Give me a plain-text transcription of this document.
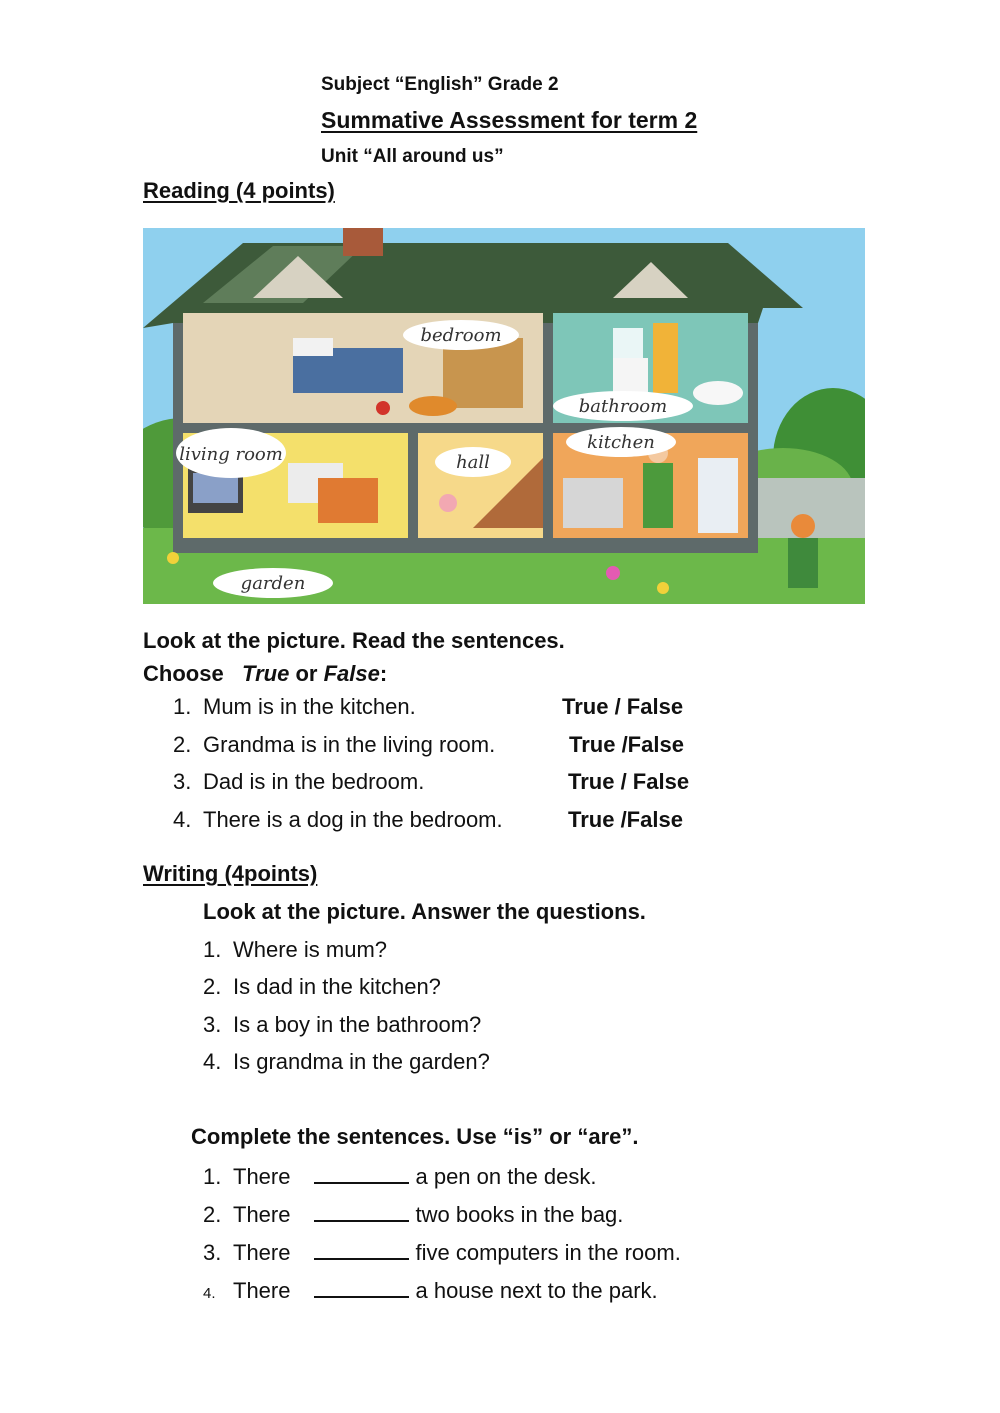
Subject “English” Grade 2
Summative Assessment for term 2
Unit “All around us”
Reading (4 points)
bedroom
bathroom
living room	hall
kitchen
garden
Look at the picture. Read the sentences.
Choose True or False:
1. Mum is in the kitchen.	True / False
2. Grandma is in the living room.	True /False
3. Dad is in the bedroom.	True / False
4. There is a dog in the bedroom.	True /False
Writing (4points)
Look at the picture. Answer the questions.
1. Where is mum?
2. Is dad in the kitchen?
3. Is a boy in the bathroom?
4. Is grandma in the garden?
Complete the sentences. Use “is” or “are”.
1. There	a pen on the desk.
2. There	two books in the bag.
3. There	five computers in the room.
4. There	a house next to the park.
